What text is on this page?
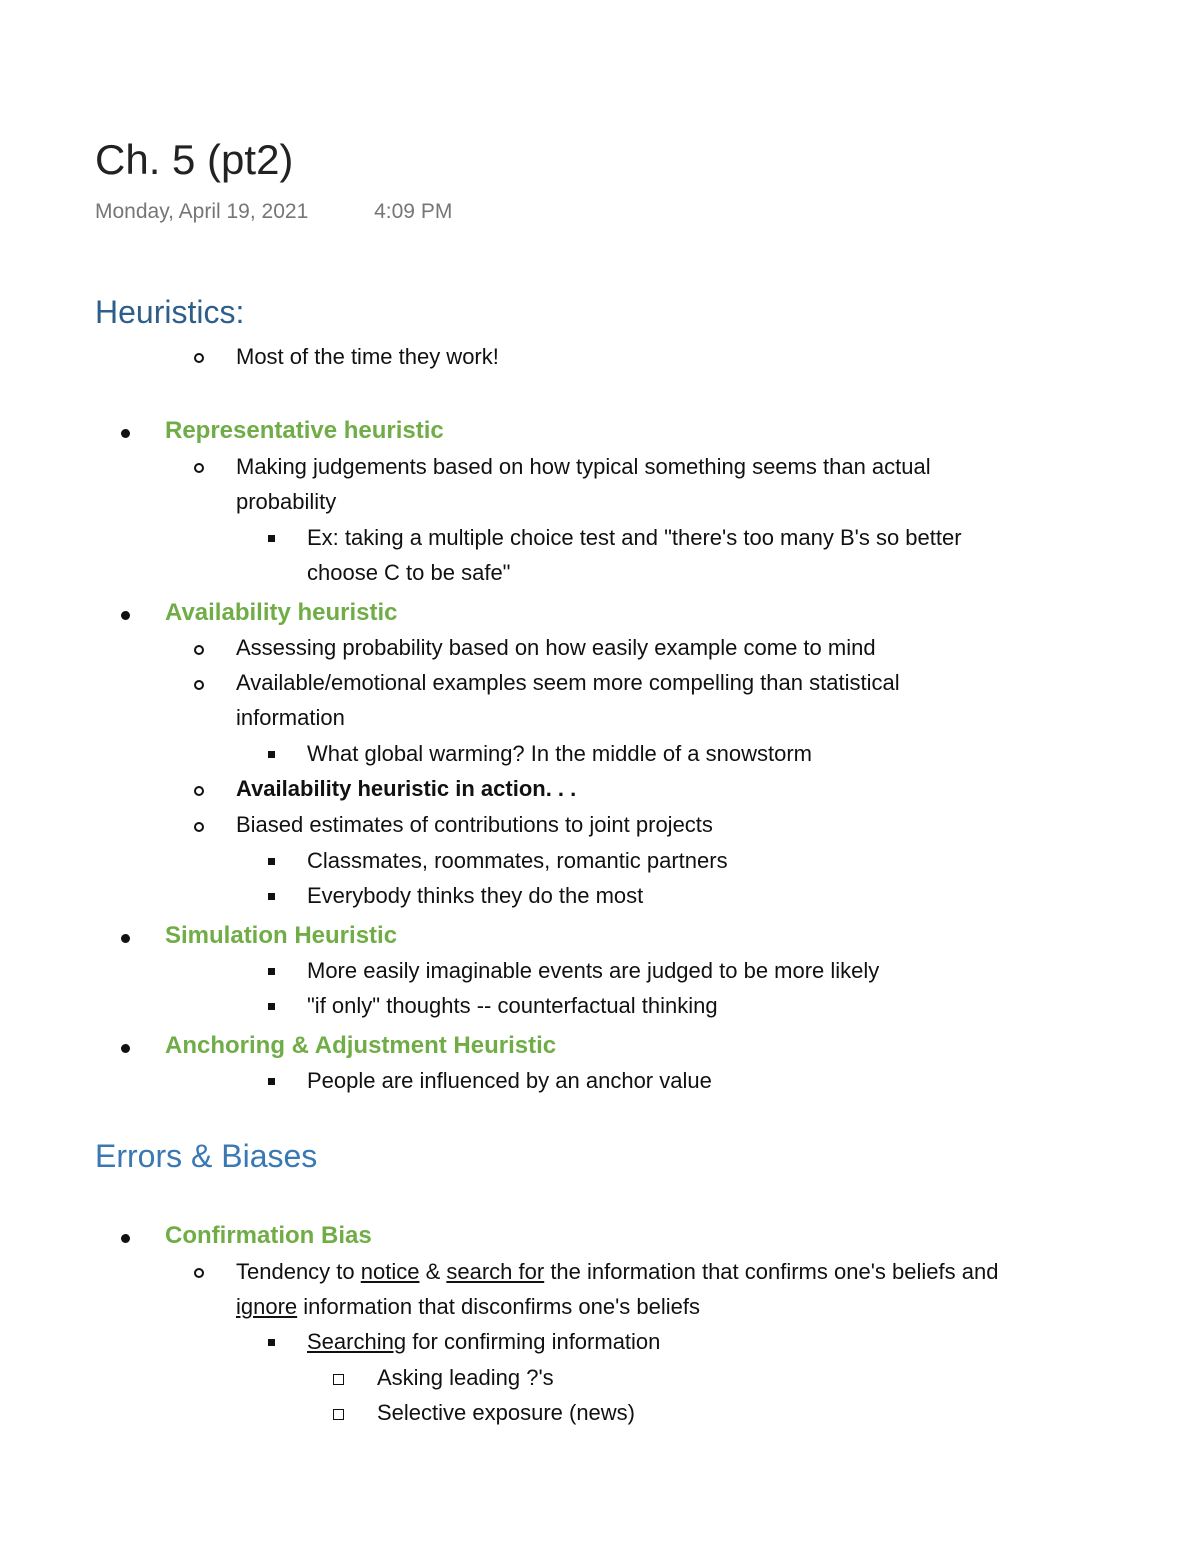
Ch. 5 (pt2)
Monday, April 19, 2021	4:09 PM
Heuristics:
Most of the time they work!
Representative heuristic
Making judgements based on how typical something seems than actual
probability
Ex: taking a multiple choice test and "there's too many B's so better
choose C to be safe"
Availability heuristic
Assessing probability based on how easily example come to mind
Available/emotional examples seem more compelling than statistical
information
What global warming? In the middle of a snowstorm
Availability heuristic in action. . .
Biased estimates of contributions to joint projects
Classmates, roommates, romantic partners
Everybody thinks they do the most
Simulation Heuristic
More easily imaginable events are judged to be more likely
"if only" thoughts -- counterfactual thinking
Anchoring & Adjustment Heuristic
People are influenced by an anchor value
Errors & Biases
Confirmation Bias
Tendency to notice & search for the information that confirms one's beliefs and
ignore information that disconfirms one's beliefs
Searching for confirming information
Asking leading ?'s
Selective exposure (news)
